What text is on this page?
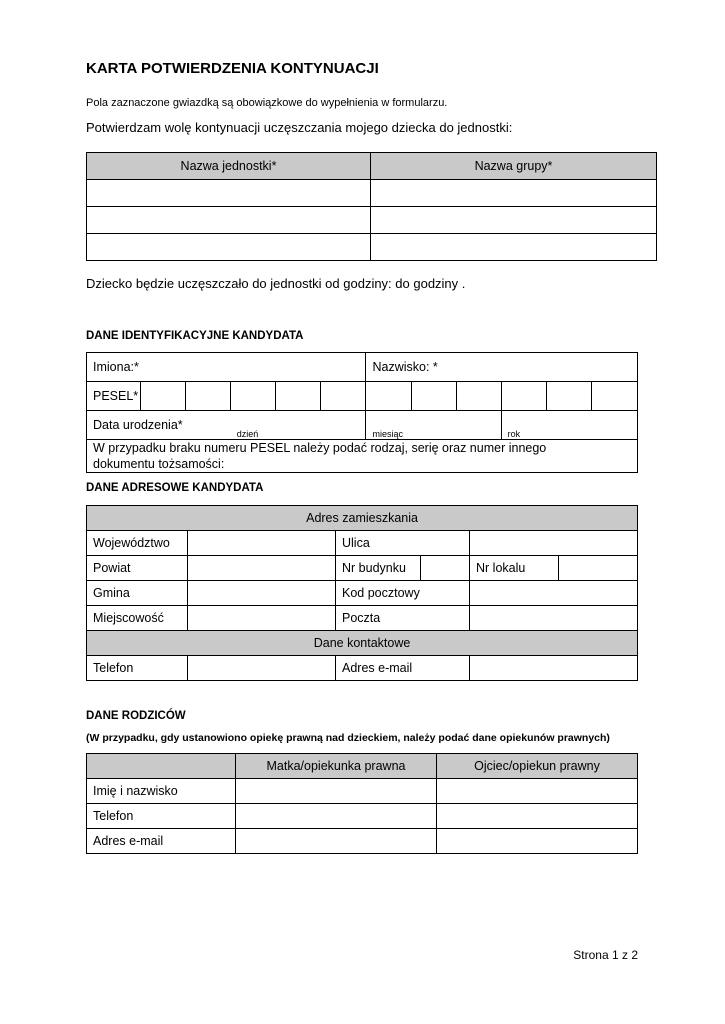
KARTA POTWIERDZENIA KONTYNUACJI
Pola zaznaczone gwiazdką są obowiązkowe do wypełnienia w formularzu.
Potwierdzam wolę kontynuacji uczęszczania mojego dziecka do jednostki:
Nazwa jednostki*	Nazwa grupy*

Dziecko będzie uczęszczało do jednostki od godziny: do godziny .
DANE IDENTYFIKACYJNE KANDYDATA
Imiona:*						Nazwisko: *					
PESEL*											
Data urodzenia*			dzień			miesiąc			rok		
W przypadku braku numeru PESEL należy podać rodzaj, serię oraz numer innego dokumentu tożsamości:											
DANE ADRESOWE KANDYDATA
Adres zamieszkania					
Województwo		Ulica			
Powiat		Nr budynku		Nr lokalu	
Gmina		Kod pocztowy			
Miejscowość		Poczta			
Dane kontaktowe					
Telefon		Adres e-mail			
DANE RODZICÓW
(W przypadku, gdy ustanowiono opiekę prawną nad dzieckiem, należy podać dane opiekunów prawnych)
	Matka/opiekunka prawna	Ojciec/opiekun prawny
Imię i nazwisko		
Telefon		
Adres e-mail		
Strona 1 z 2
